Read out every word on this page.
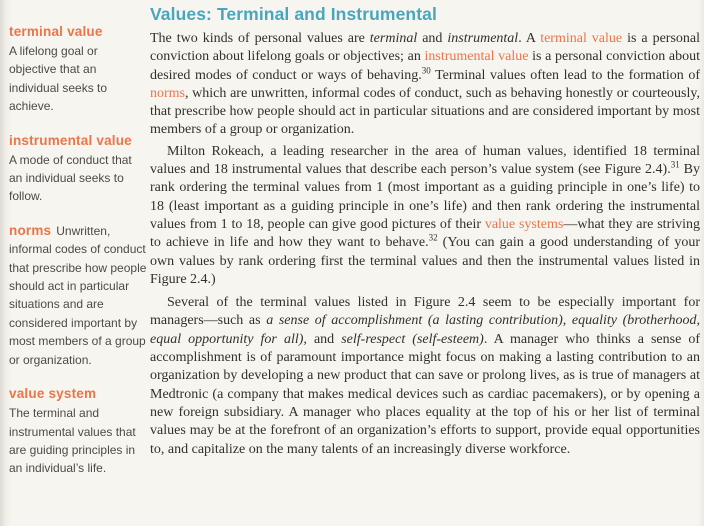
terminal value
A lifelong goal or objective that an individual seeks to achieve.
instrumental value
A mode of conduct that an individual seeks to follow.
norms Unwritten, informal codes of conduct that prescribe how people should act in particular situations and are considered important by most members of a group or organization.
value system
The terminal and instrumental values that are guiding principles in an individual’s life.
Values: Terminal and Instrumental

The two kinds of personal values are terminal and instrumental. A terminal value is a personal conviction about lifelong goals or objectives; an instrumental value is a personal conviction about desired modes of conduct or ways of behaving.$^{30}$ Terminal values often lead to the formation of norms, which are unwritten, informal codes of conduct, such as behaving honestly or courteously, that prescribe how people should act in particular situations and are considered important by most members of a group or organization.

Milton Rokeach, a leading researcher in the area of human values, identified 18 terminal values and 18 instrumental values that describe each person’s value system (see Figure 2.4).$^{31}$ By rank ordering the terminal values from 1 (most important as a guiding principle in one’s life) to 18 (least important as a guiding principle in one’s life) and then rank ordering the instrumental values from 1 to 18, people can give good pictures of their value systems—what they are striving to achieve in life and how they want to behave.$^{32}$ (You can gain a good understanding of your own values by rank ordering first the terminal values and then the instrumental values listed in Figure 2.4.)

Several of the terminal values listed in Figure 2.4 seem to be especially important for managers—such as a sense of accomplishment (a lasting contribution), equality (brotherhood, equal opportunity for all), and self-respect (self-esteem). A manager who thinks a sense of accomplishment is of paramount importance might focus on making a lasting contribution to an organization by developing a new product that can save or prolong lives, as is true of managers at Medtronic (a company that makes medical devices such as cardiac pacemakers), or by opening a new foreign subsidiary. A manager who places equality at the top of his or her list of terminal values may be at the forefront of an organization’s efforts to support, provide equal opportunities to, and capitalize on the many talents of an increasingly diverse workforce.
